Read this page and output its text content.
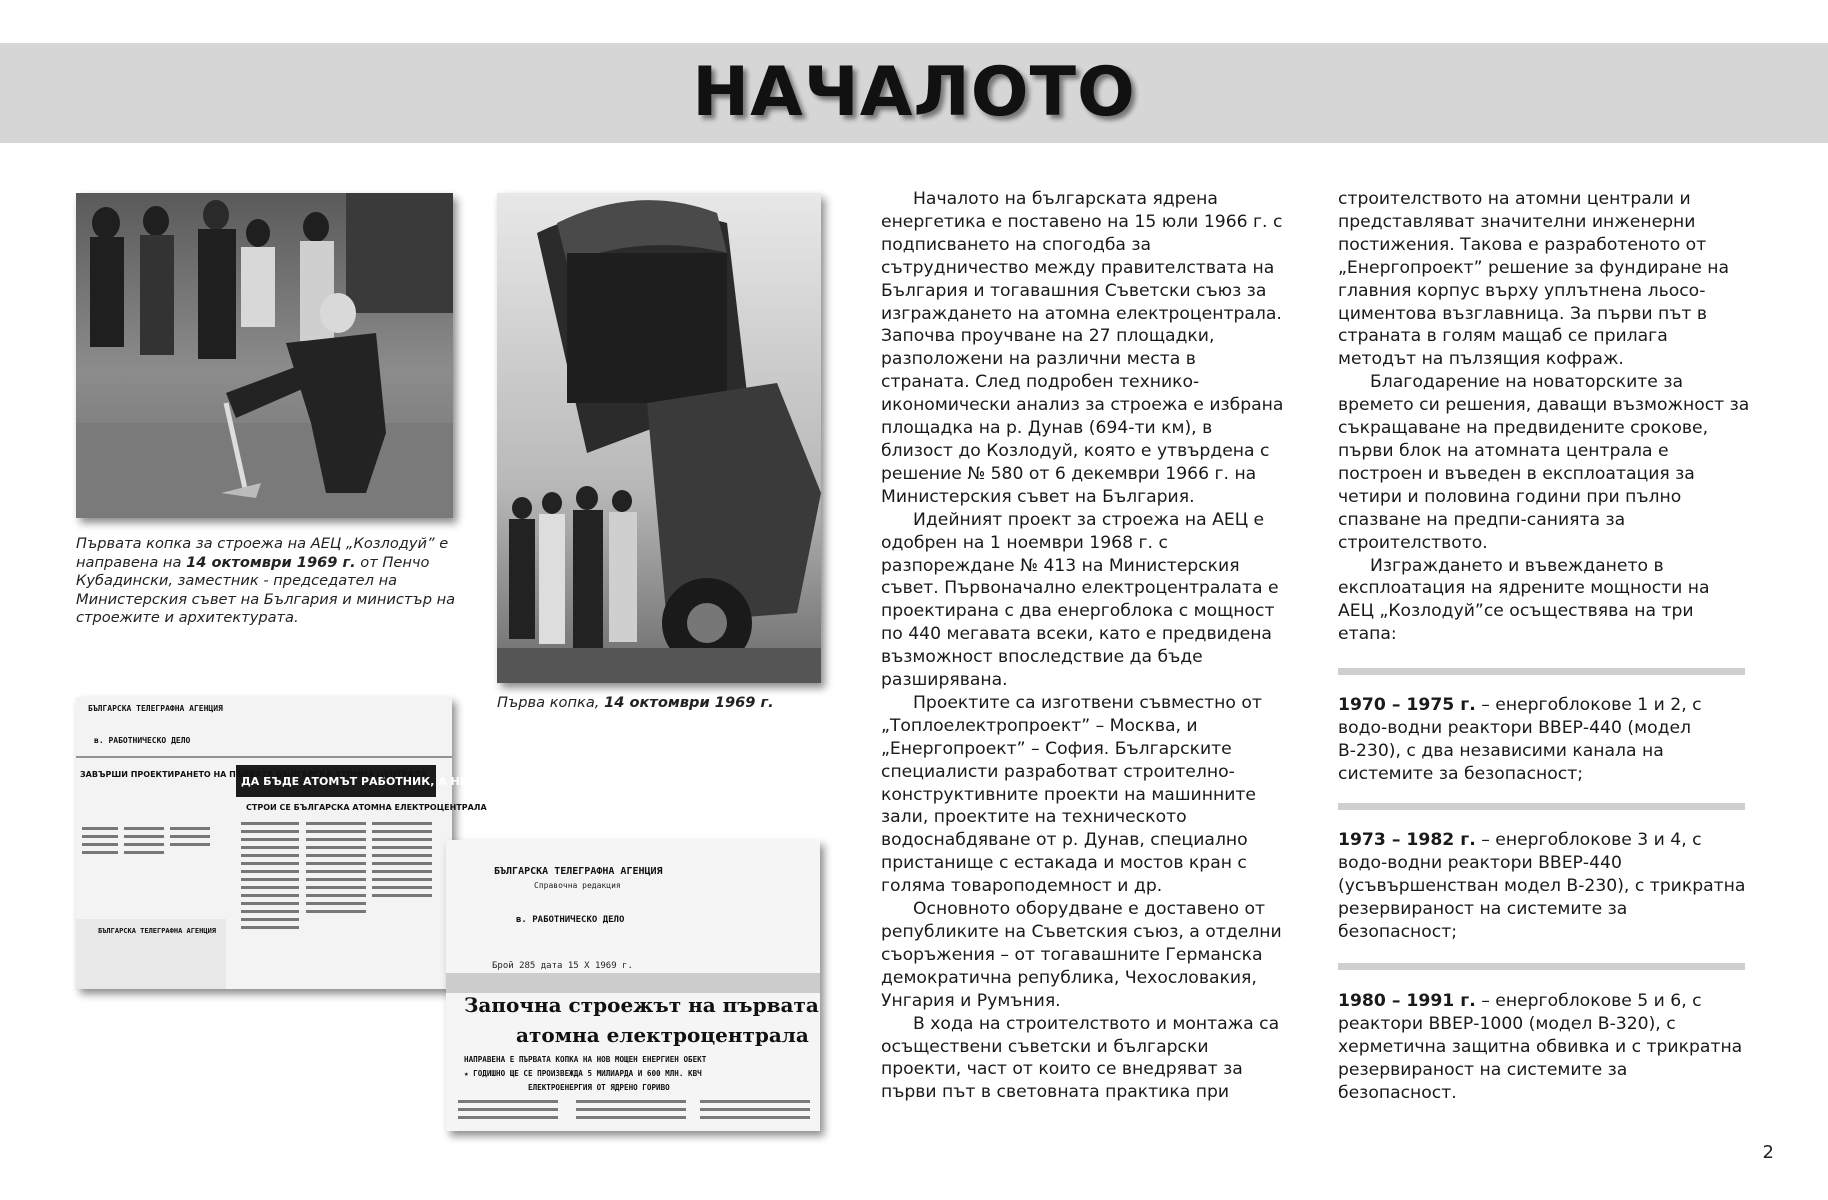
НАЧАЛОТО
Първата копка за строежа на АЕЦ „Козлодуй” е направена на 14 октомври 1969 г. от Пенчо Кубадински, заместник - председател на Министерския съвет на България и министър на строежите и архитектурата.
Първа копка, 14 октомври 1969 г.
БЪЛГАРСКА ТЕЛЕГРАФНА АГЕНЦИЯ
в. РАБОТНИЧЕСКО ДЕЛО
ДА БЪДЕ АТОМЪТ РАБОТНИК, А НЕ ВОИН
СТРОИ СЕ БЪЛГАРСКА АТОМНА ЕЛЕКТРОЦЕНТРАЛА
ЗАВЪРШИ ПРОЕКТИРАНЕТО НА ПЪРВАТА БЪЛГАРСКА АТОМНА ЦЕНТРАЛА
БЪЛГАРСКА ТЕЛЕГРАФНА АГЕНЦИЯ
БЪЛГАРСКА ТЕЛЕГРАФНА АГЕНЦИЯ
Справочна редакция
в. РАБОТНИЧЕСКО ДЕЛО
Брой 285 дата 15 X 1969 г.
Започна строежът на първата
атомна електроцентрала
НАПРАВЕНА Е ПЪРВАТА КОПКА НА НОВ МОЩЕН ЕНЕРГИЕН ОБЕКТ
★ ГОДИШНО ЩЕ СЕ ПРОИЗВЕЖДА 5 МИЛИАРДА И 600 МЛН. КВЧ
ЕЛЕКТРОЕНЕРГИЯ ОТ ЯДРЕНО ГОРИВО

Началото на българската ядрена енергетика е поставено на 15 юли 1966 г. с подписването на спогодба за сътрудничество между правителствата на България и тогавашния Съветски съюз за изграждането на атомна електроцентрала. Започва проучване на 27 площадки, разположени на различни места в страната. След подробен технико- икономически анализ за строежа е избрана площадка на р. Дунав (694-ти км), в близост до Козлодуй, която е утвърдена с решение № 580 от 6 декември 1966 г. на Министерския съвет на България.

Идейният проект за строежа на АЕЦ е одобрен на 1 ноември 1968 г. с разпореждане № 413 на Министерския съвет. Първоначално електроцентралата е проектирана с два енергоблока с мощност по 440 мегавата всеки, като е предвидена възможност впоследствие да бъде разширявана.

Проектите са изготвени съвместно от „Топлоелектропроект” – Москва, и „Енергопроект” – София. Българските специалисти разработват строително-конструктивните проекти на машинните зали, проектите на техническото водоснабдяване от р. Дунав, специално пристанище с естакада и мостов кран с голяма товароподемност и др.

Основното оборудване е доставено от републиките на Съветския съюз, а отделни съоръжения – от тогавашните Германска демократична република, Чехословакия, Унгария и Румъния.

В хода на строителството и монтажа са осъществени съветски и български проекти, част от които се внедряват за първи път в световната практика при

строителството на атомни централи и представляват значителни инженерни постижения. Такова е разработеното от „Енергопроект” решение за фундиране на главния корпус върху уплътнена льосо-циментова възглавница. За първи път в страната в голям мащаб се прилага методът на пълзящия кофраж.

Благодарение на новаторските за времето си решения, даващи възможност за съкращаване на предвидените срокове, първи блок на атомната централа е построен и въведен в експлоатация за четири и половина години при пълно спазване на предпи-санията за строителството.

Изграждането и въвеждането в експлоатация на ядрените мощности на АЕЦ „Козлодуй”се осъществява на три етапа:

1970 – 1975 г. – енергоблокове 1 и 2, с водо-водни реактори ВВЕР-440 (модел В-230), с два независими канала на системите за безопасност;
1973 – 1982 г. – енергоблокове 3 и 4, с водо-водни реактори ВВЕР-440 (усъвършенстван модел В-230), с трикратна резервираност на системите за безопасност;
1980 – 1991 г. – енергоблокове 5 и 6, с реактори ВВЕР-1000 (модел В-320), с херметична защитна обвивка и с трикратна резервираност на системите за безопасност.
2
